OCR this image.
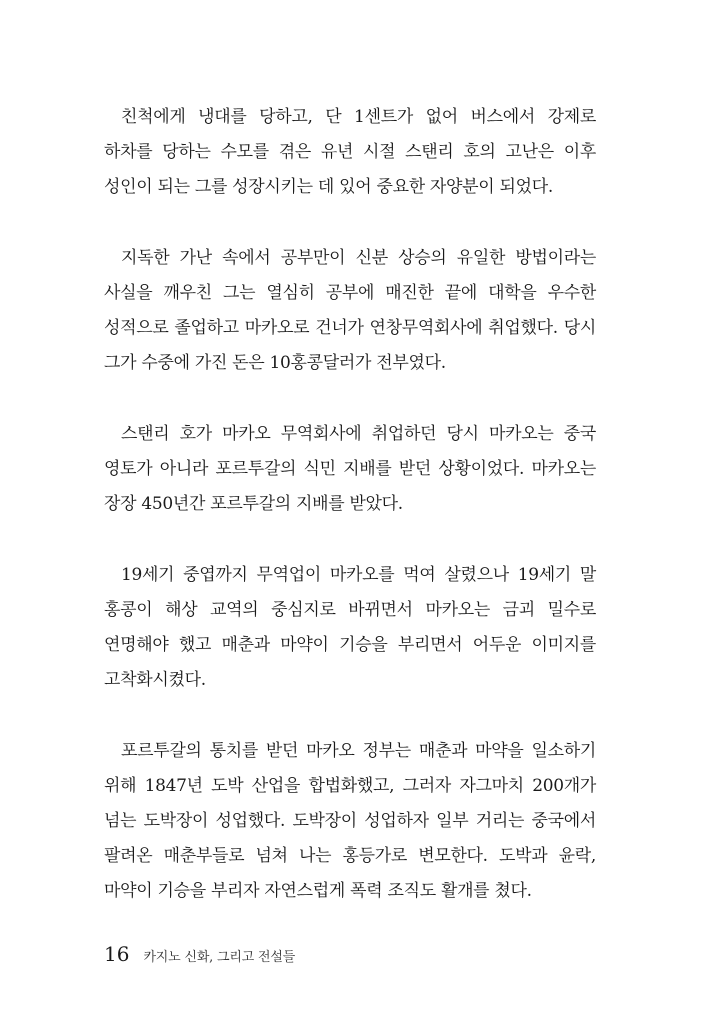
친척에게 냉대를 당하고, 단 1센트가 없어 버스에서 강제로 하차를 당하는 수모를 겪은 유년 시절 스탠리 호의 고난은 이후 성인이 되는 그를 성장시키는 데 있어 중요한 자양분이 되었다.

지독한 가난 속에서 공부만이 신분 상승의 유일한 방법이라는 사실을 깨우친 그는 열심히 공부에 매진한 끝에 대학을 우수한 성적으로 졸업하고 마카오로 건너가 연창무역회사에 취업했다. 당시 그가 수중에 가진 돈은 10홍콩달러가 전부였다.

스탠리 호가 마카오 무역회사에 취업하던 당시 마카오는 중국 영토가 아니라 포르투갈의 식민 지배를 받던 상황이었다. 마카오는 장장 450년간 포르투갈의 지배를 받았다.

19세기 중엽까지 무역업이 마카오를 먹여 살렸으나 19세기 말 홍콩이 해상 교역의 중심지로 바뀌면서 마카오는 금괴 밀수로 연명해야 했고 매춘과 마약이 기승을 부리면서 어두운 이미지를 고착화시켰다.

포르투갈의 통치를 받던 마카오 정부는 매춘과 마약을 일소하기 위해 1847년 도박 산업을 합법화했고, 그러자 자그마치 200개가 넘는 도박장이 성업했다. 도박장이 성업하자 일부 거리는 중국에서 팔려온 매춘부들로 넘쳐 나는 홍등가로 변모한다. 도박과 윤락, 마약이 기승을 부리자 자연스럽게 폭력 조직도 활개를 쳤다.

16 카지노 신화, 그리고 전설들
